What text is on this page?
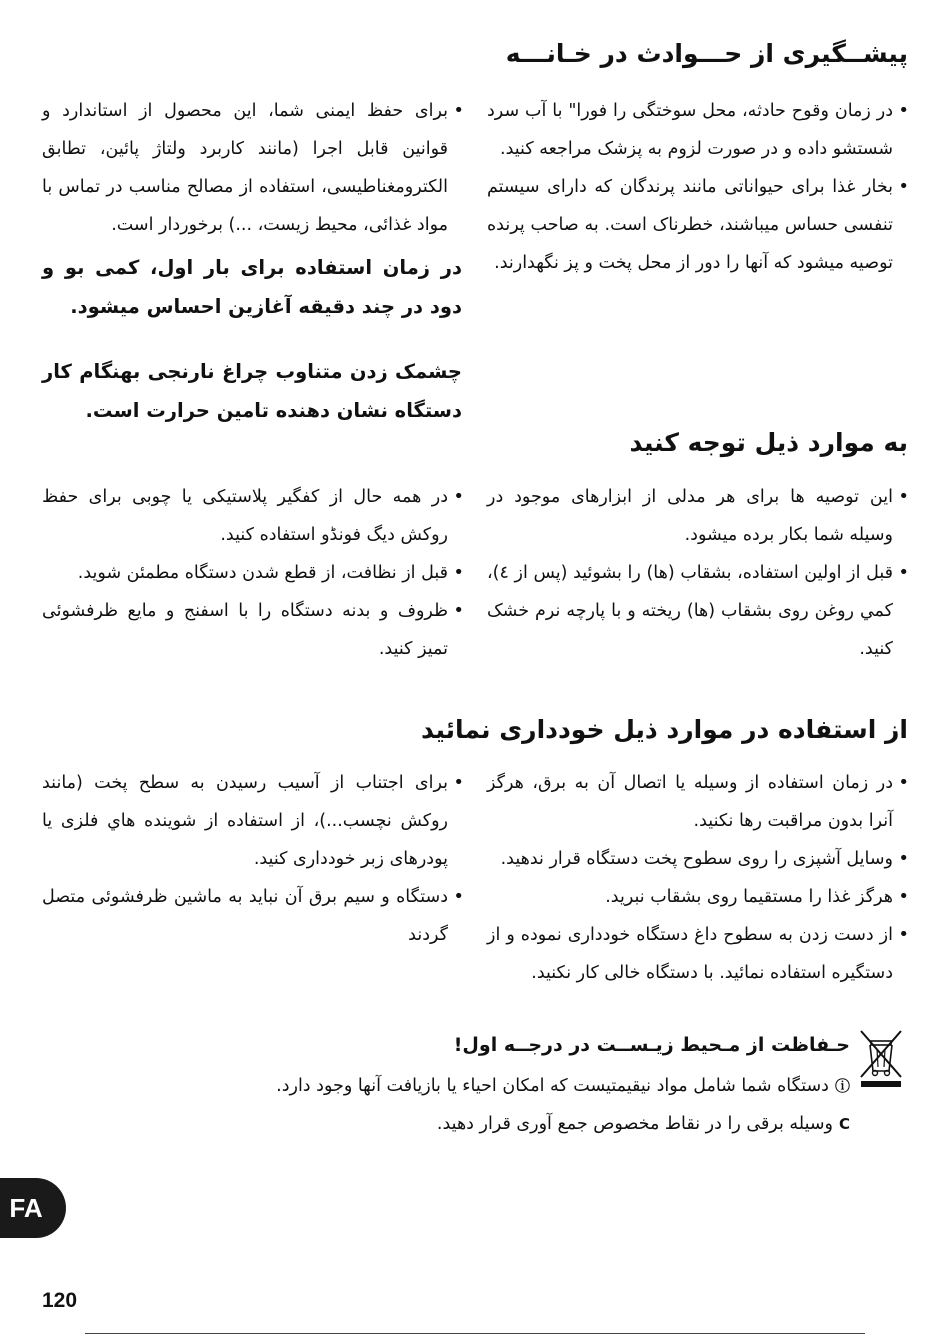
پیشــگیری از حـــوادث در خـانـــه
• در زمان وقوح حادثه، محل سوختگی را فورا" با آب سرد شستشو داده و در صورت لزوم به پزشک مراجعه کنید.
• بخار غذا برای حیواناتی مانند پرندگان که دارای سیستم تنفسی حساس میباشند، خطرناک است. به صاحب پرنده توصیه میشود که آنها را دور از محل پخت و پز نگهدارند.
• برای حفظ ایمنی شما، این محصول از استاندارد و قوانین قابل اجرا (مانند کاربرد ولتاژ پائین، تطابق الکترومغناطیسی، استفاده از مصالح مناسب در تماس با مواد غذائی، محیط زیست، ...) برخوردار است.
در زمان استفاده برای بار اول، کمی بو و دود در چند دقیقه آغازین احساس میشود.
چشمک زدن متناوب چراغ نارنجی بهنگام کار دستگاه نشان دهنده تامین حرارت است.
به موارد ذیل توجه کنید
• این توصیه ها برای هر مدلی از ابزارهای موجود در وسیله شما بکار برده میشود.
• قبل از اولین استفاده، بشقاب (ها) را بشوئید (پس از ٤)، كمي روغن روی بشقاب (ها) ريخته و با پارچه نرم خشک کنید.
• در همه حال از کفگیر پلاستیکی یا چوبی برای حفظ روکش دیگ فونڈو استفاده کنید.
• قبل از نظافت، از قطع شدن دستگاه مطمئن شوید.
• ظروف و بدنه دستگاه را با اسفنج و مایع ظرفشوئی تمیز کنید.
از استفاده در موارد ذیل خودداری نمائید
• در زمان استفاده از وسیله یا اتصال آن به برق، هرگز آنرا بدون مراقبت رها نکنید.
• وسایل آشپزی را روی سطوح پخت دستگاه قرار ندهید.
• هرگز غذا را مستقیما روی بشقاب نبرید.
• از دست زدن به سطوح داغ دستگاه خودداری نموده و از دستگیره استفاده نمائید. با دستگاه خالی کار نکنید.
• برای اجتناب از آسیب رسیدن به سطح پخت (مانند روکش نچسب...)، از استفاده از شوینده هاي فلزی یا پودرهای زبر خودداری کنید.
• دستگاه و سیم برق آن نباید به ماشین ظرفشوئی متصل گردند
حـفاظت از مـحیط زیـســت در درجــه اول!
ⓘدستگاه شما شامل مواد نیقیمتیست که امکان احیاء یا بازیافت آنها وجود دارد.
Cوسیله برقی را در نقاط مخصوص جمع آوری قرار دهید.
FA
120
